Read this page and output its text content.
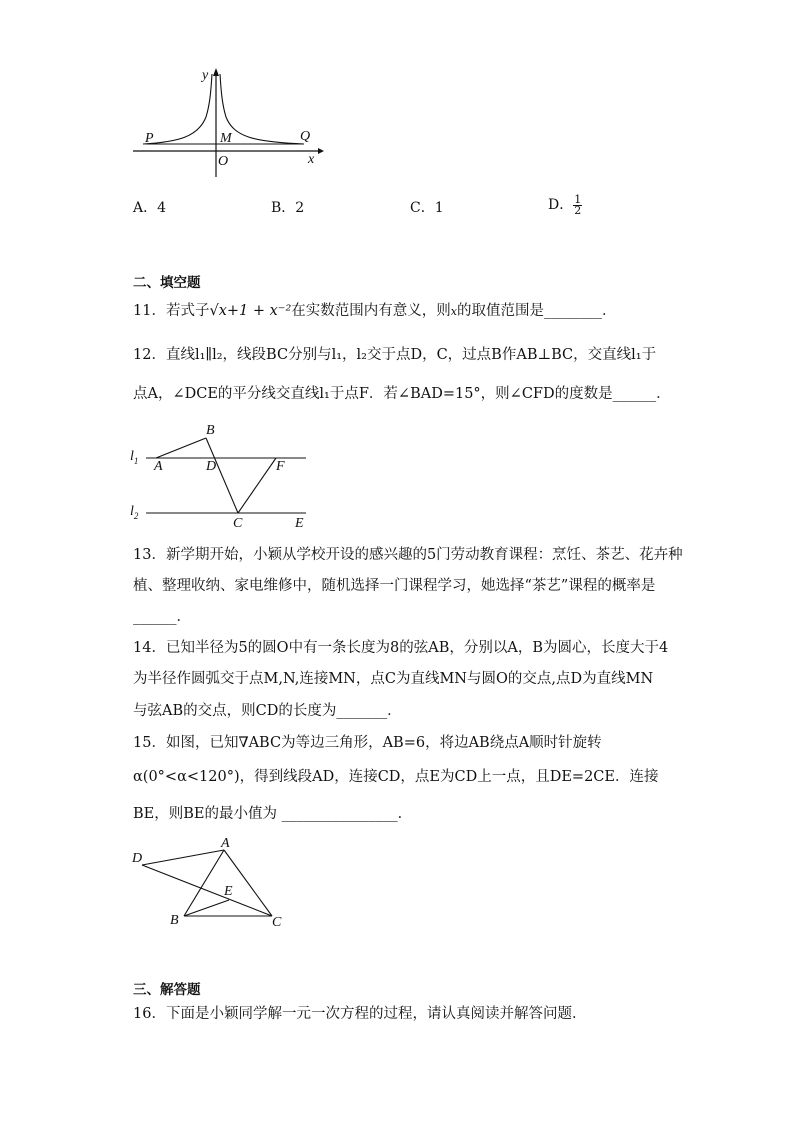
y
P	M	Q
O	x
A．4	B．2	C．1	D． $\frac{1}{2}$
二、填空题
11．若式子√x+1 + x⁻²在实数范围内有意义，则x的取值范围是________．
12．直线l₁∥l₂，线段BC分别与l₁，l₂交于点D，C，过点B作AB⊥BC，交直线l₁于
点A，∠DCE的平分线交直线l₁于点F．若∠BAD=15°，则∠CFD的度数是______．
$l_1$
$l_2$
B
A	D	F
C	E
13．新学期开始，小颖从学校开设的感兴趣的5门劳动教育课程：烹饪、茶艺、花卉种
植、整理收纳、家电维修中，随机选择一门课程学习，她选择“茶艺”课程的概率是
______．
14．已知半径为5的圆O中有一条长度为8的弦AB，分别以A，B为圆心，长度大于4
为半径作圆弧交于点M,N,连接MN，点C为直线MN与圆O的交点,点D为直线MN
与弦AB的交点，则CD的长度为_______．
15．如图，已知∇ABC为等边三角形，AB=6，将边AB绕点A顺时针旋转
α(0°<α<120°)，得到线段AD，连接CD，点E为CD上一点，且DE=2CE．连接
BE，则BE的最小值为 ________________．
D
A
E
B	C
三、解答题
16．下面是小颖同学解一元一次方程的过程，请认真阅读并解答问题．
